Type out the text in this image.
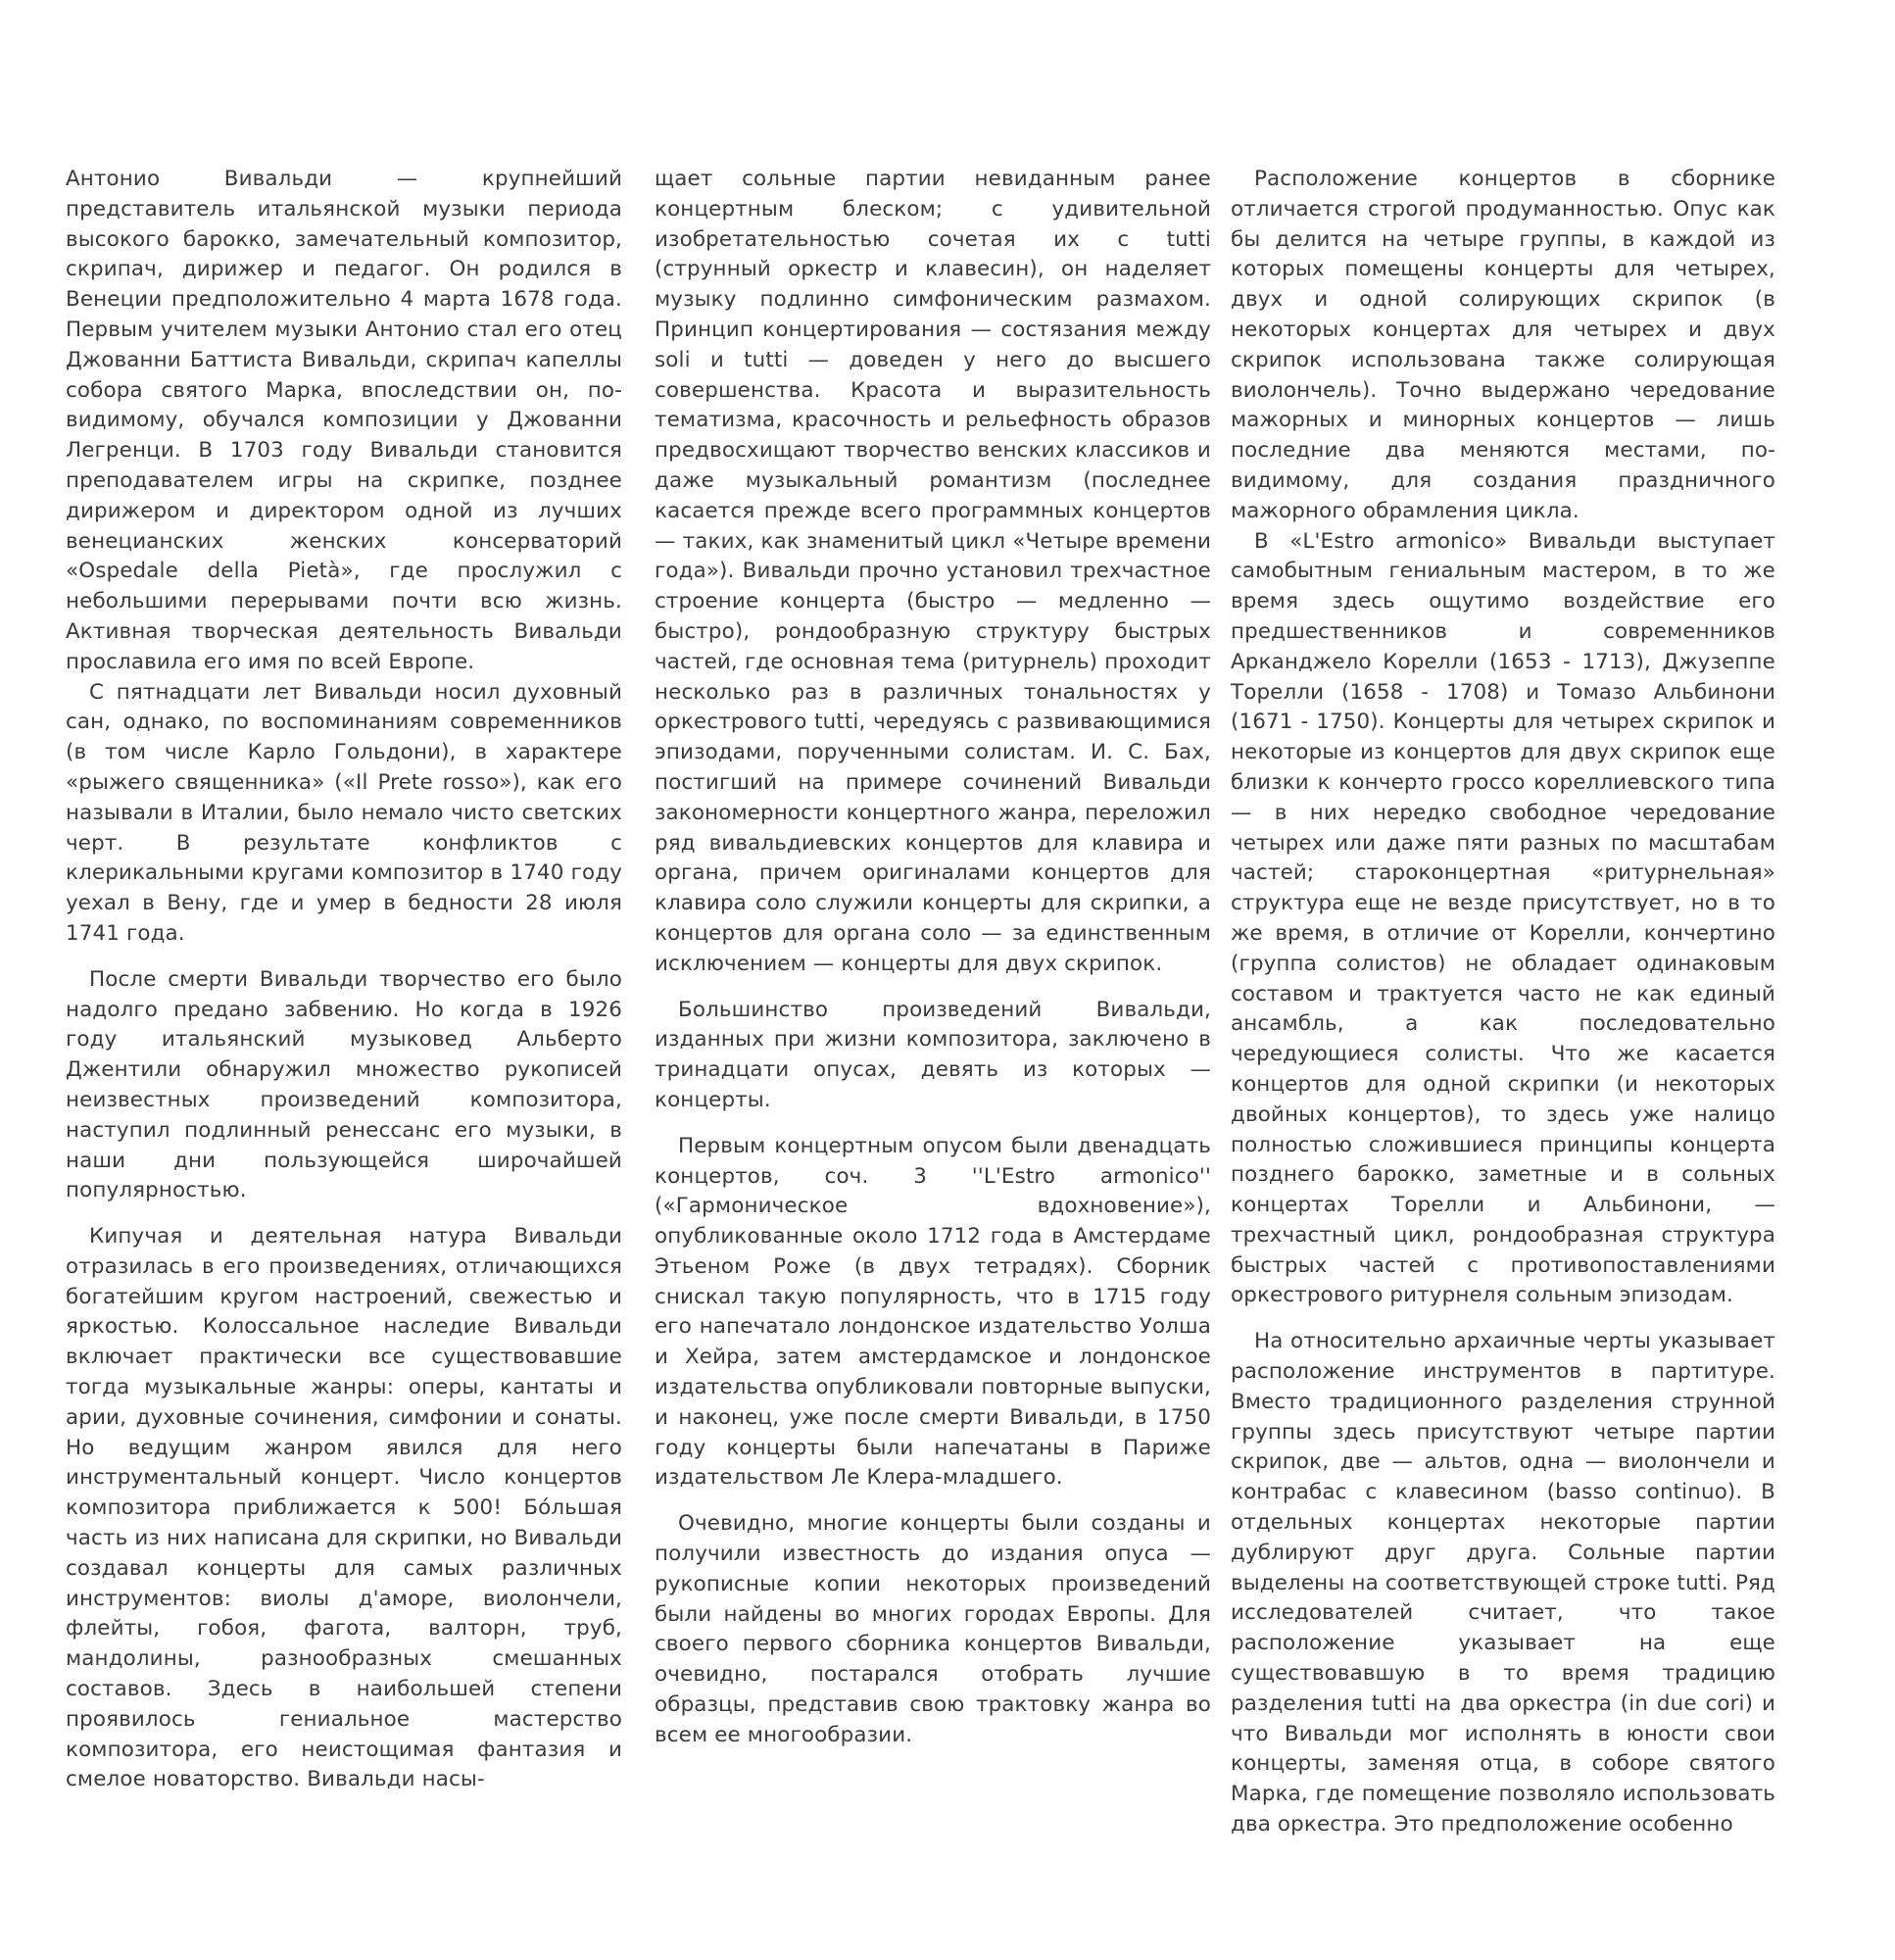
Антонио Вивальди — крупнейший представитель итальянской музыки периода высокого барокко, замечательный композитор, скрипач, дирижер и педагог. Он родился в Венеции предположительно 4 марта 1678 года. Первым учителем музыки Антонио стал его отец Джованни Баттиста Вивальди, скрипач капеллы собора святого Марка, впоследствии он, по-видимому, обучался композиции у Джованни Легренци. В 1703 году Вивальди становится преподавателем игры на скрипке, позднее дирижером и директором одной из лучших венецианских женских консерваторий «Ospedale della Pietà», где прослужил с небольшими перерывами почти всю жизнь. Активная творческая деятельность Вивальди прославила его имя по всей Европе.

С пятнадцати лет Вивальди носил духовный сан, однако, по воспоминаниям современников (в том числе Карло Гольдони), в характере «рыжего священника» («Il Prete rosso»), как его называли в Италии, было немало чисто светских черт. В результате конфликтов с клерикальными кругами композитор в 1740 году уехал в Вену, где и умер в бедности 28 июля 1741 года.

После смерти Вивальди творчество его было надолго предано забвению. Но когда в 1926 году итальянский музыковед Альберто Джентили обнаружил множество рукописей неизвестных произведений композитора, наступил подлинный ренессанс его музыки, в наши дни пользующейся широчайшей популярностью.

Кипучая и деятельная натура Вивальди отразилась в его произведениях, отличающихся богатейшим кругом настроений, свежестью и яркостью. Колоссальное наследие Вивальди включает практически все существовавшие тогда музыкальные жанры: оперы, кантаты и арии, духовные сочинения, симфонии и сонаты. Но ведущим жанром явился для него инструментальный концерт. Число концертов композитора приближается к 500! Бо́льшая часть из них написана для скрипки, но Вивальди создавал концерты для самых различных инструментов: виолы д'аморе, виолончели, флейты, гобоя, фагота, валторн, труб, мандолины, разнообразных смешанных составов. Здесь в наибольшей степени проявилось гениальное мастерство композитора, его неистощимая фантазия и смелое новаторство. Вивальди насы-

щает сольные партии невиданным ранее концертным блеском; с удивительной изобретательностью сочетая их с tutti (струнный оркестр и клавесин), он наделяет музыку подлинно симфоническим размахом. Принцип концертирования — состязания между soli и tutti — доведен у него до высшего совершенства. Красота и выразительность тематизма, красочность и рельефность образов предвосхищают творчество венских классиков и даже музыкальный романтизм (последнее касается прежде всего программных концертов — таких, как знаменитый цикл «Четыре времени года»). Вивальди прочно установил трехчастное строение концерта (быстро — медленно — быстро), рондообразную структуру быстрых частей, где основная тема (ритурнель) проходит несколько раз в различных тональностях у оркестрового tutti, чередуясь с развивающимися эпизодами, порученными солистам. И. С. Бах, постигший на примере сочинений Вивальди закономерности концертного жанра, переложил ряд вивальдиевских концертов для клавира и органа, причем оригиналами концертов для клавира соло служили концерты для скрипки, а концертов для органа соло — за единственным исключением — концерты для двух скрипок.

Большинство произведений Вивальди, изданных при жизни композитора, заключено в тринадцати опусах, девять из которых — концерты.

Первым концертным опусом были двенадцать концертов, соч. 3 ''L'Estro armonico'' («Гармоническое вдохновение»), опубликованные около 1712 года в Амстердаме Этьеном Роже (в двух тетрадях). Сборник снискал такую популярность, что в 1715 году его напечатало лондонское издательство Уолша и Хейра, затем амстердамское и лондонское издательства опубликовали повторные выпуски, и наконец, уже после смерти Вивальди, в 1750 году концерты были напечатаны в Париже издательством Ле Клера-младшего.

Очевидно, многие концерты были созданы и получили известность до издания опуса — рукописные копии некоторых произведений были найдены во многих городах Европы. Для своего первого сборника концертов Вивальди, очевидно, постарался отобрать лучшие образцы, представив свою трактовку жанра во всем ее многообразии.

Расположение концертов в сборнике отличается строгой продуманностью. Опус как бы делится на четыре группы, в каждой из которых помещены концерты для четырех, двух и одной солирующих скрипок (в некоторых концертах для четырех и двух скрипок использована также солирующая виолончель). Точно выдержано чередование мажорных и минорных концертов — лишь последние два меняются местами, по-видимому, для создания праздничного мажорного обрамления цикла.

В «L'Estro armonico» Вивальди выступает самобытным гениальным мастером, в то же время здесь ощутимо воздействие его предшественников и современников Арканджело Корелли (1653 - 1713), Джузеппе Торелли (1658 - 1708) и Томазо Альбинони (1671 - 1750). Концерты для четырех скрипок и некоторые из концертов для двух скрипок еще близки к кончерто гроссо кореллиевского типа — в них нередко свободное чередование четырех или даже пяти разных по масштабам частей; староконцертная «ритурнельная» структура еще не везде присутствует, но в то же время, в отличие от Корелли, кончертино (группа солистов) не обладает одинаковым составом и трактуется часто не как единый ансамбль, а как последовательно чередующиеся солисты. Что же касается концертов для одной скрипки (и некоторых двойных концертов), то здесь уже налицо полностью сложившиеся принципы концерта позднего барокко, заметные и в сольных концертах Торелли и Альбинони, — трехчастный цикл, рондообразная структура быстрых частей с противопоставлениями оркестрового ритурнеля сольным эпизодам.

На относительно архаичные черты указывает расположение инструментов в партитуре. Вместо традиционного разделения струнной группы здесь присутствуют четыре партии скрипок, две — альтов, одна — виолончели и контрабас с клавесином (basso continuo). В отдельных концертах некоторые партии дублируют друг друга. Сольные партии выделены на соответствующей строке tutti. Ряд исследователей считает, что такое расположение указывает на еще существовавшую в то время традицию разделения tutti на два оркестра (in due cori) и что Вивальди мог исполнять в юности свои концерты, заменяя отца, в соборе святого Марка, где помещение позволяло использовать два оркестра. Это предположение особенно
